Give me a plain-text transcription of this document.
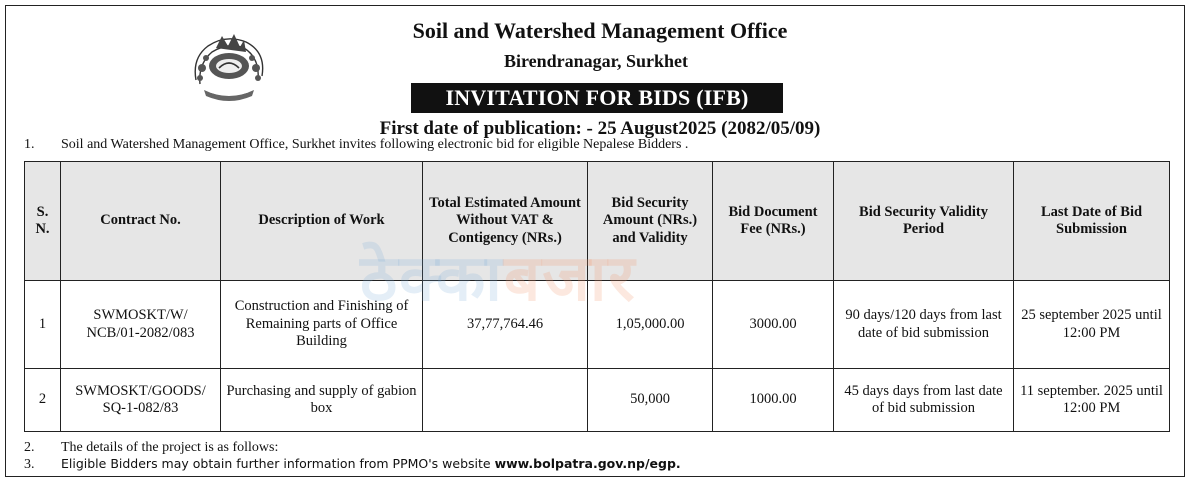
Soil and Watershed Management Office
Birendranagar, Surkhet
INVITATION FOR BIDS (IFB)
First date of publication: - 25 August2025 (2082/05/09)
1. Soil and Watershed Management Office, Surkhet invites following electronic bid for eligible Nepalese Bidders .
S. N.	Contract No.	Description of Work	Total Estimated Amount Without VAT & Contigency (NRs.)	Bid Security Amount (NRs.) and Validity	Bid Document Fee (NRs.)	Bid Security Validity Period	Last Date of Bid Submission
1	SWMOSKT/W/ NCB/01-2082/083	Construction and Finishing of Remaining parts of Office Building	37,77,764.46	1,05,000.00	3000.00	90 days/120 days from last date of bid submission	25 september 2025 until 12:00 PM
2	SWMOSKT/GOODS/ SQ-1-082/83	Purchasing and supply of gabion box		50,000	1000.00	45 days days from last date of bid submission	11 september. 2025 until 12:00 PM
ठेक्काबजार
2. The details of the project is as follows:
3. Eligible Bidders may obtain further information from PPMO's website www.bolpatra.gov.np/egp.
